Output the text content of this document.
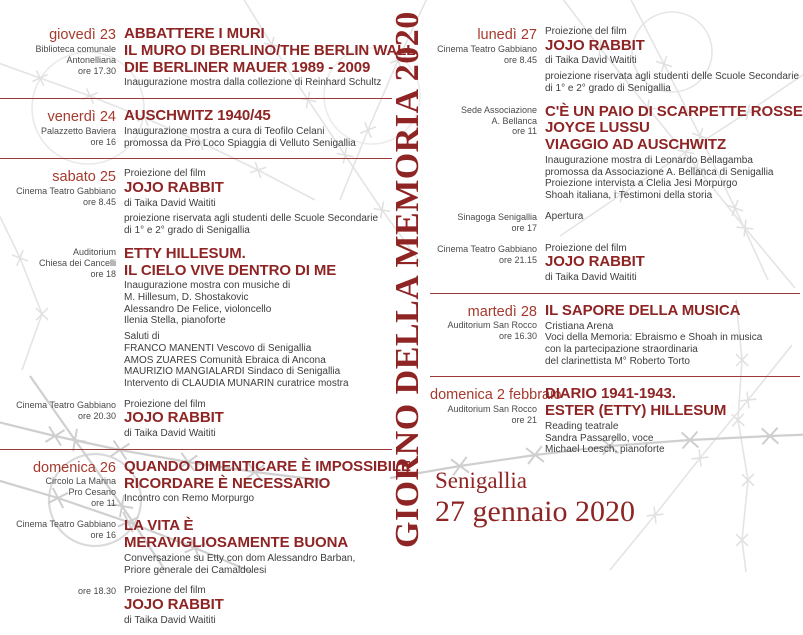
giovedì 23
Biblioteca comunale
Antonelliana
ore 17.30
ABBATTERE I MURI
IL MURO DI BERLINO/THE BERLIN WALL
DIE BERLINER MAUER 1989 - 2009
Inaugurazione mostra dalla collezione di Reinhard Schultz
venerdì 24
Palazzetto Baviera
ore 16
AUSCHWITZ 1940/45
Inaugurazione mostra a cura di Teofilo Celani
promossa da Pro Loco Spiaggia di Velluto Senigallia
sabato 25
Cinema Teatro Gabbiano
ore 8.45
Proiezione del film
JOJO RABBIT
di Taika David Waititi
proiezione riservata agli studenti delle Scuole Secondarie
di 1° e 2° grado di Senigallia
Auditorium
Chiesa dei Cancelli
ore 18
ETTY HILLESUM.
IL CIELO VIVE DENTRO DI ME
Inaugurazione mostra con musiche di
M. Hillesum, D. Shostakovic
Alessandro De Felice, violoncello
Ilenia Stella, pianoforte
Saluti di
FRANCO MANENTI Vescovo di Senigallia
AMOS ZUARES Comunità Ebraica di Ancona
MAURIZIO MANGIALARDI Sindaco di Senigallia
Intervento di CLAUDIA MUNARIN curatrice mostra
Cinema Teatro Gabbiano
ore 20.30
Proiezione del film
JOJO RABBIT
di Taika David Waititi
domenica 26
Circolo La Marina
Pro Cesano
ore 11
QUANDO DIMENTICARE È IMPOSSIBILE
RICORDARE È NECESSARIO
Incontro con Remo Morpurgo
Cinema Teatro Gabbiano
ore 16
LA VITA È
MERAVIGLIOSAMENTE BUONA
Conversazione su Etty con dom Alessandro Barban,
Priore generale dei Camaldolesi
ore 18.30 Proiezione del film
JOJO RABBIT
di Taika David Waititi
GIORNO DELLA MEMORIA 2020	lunedì 27
Cinema Teatro Gabbiano
ore 8.45
Proiezione del film
JOJO RABBIT
di Taika David Waititi
proiezione riservata agli studenti delle Scuole Secondarie
di 1° e 2° grado di Senigallia
Sede Associazione
A. Bellanca
ore 11
C'È UN PAIO DI SCARPETTE ROSSE
JOYCE LUSSU
VIAGGIO AD AUSCHWITZ
Inaugurazione mostra di Leonardo Bellagamba
promossa da Associazione A. Bellanca di Senigallia
Proiezione intervista a Clelia Jesi Morpurgo
Shoah italiana, i Testimoni della storia
Sinagoga Senigallia
ore 17
Apertura
Cinema Teatro Gabbiano
ore 21.15
Proiezione del film
JOJO RABBIT
di Taika David Waititi
martedì 28
Auditorium San Rocco
ore 16.30
IL SAPORE DELLA MUSICA
Cristiana Arena
Voci della Memoria: Ebraismo e Shoah in musica
con la partecipazione straordinaria
del clarinettista M° Roberto Torto
domenica 2 febbraio
Auditorium San Rocco
ore 21
DIARIO 1941-1943.
ESTER (ETTY) HILLESUM
Reading teatrale
Sandra Passarello, voce
Michael Loesch, pianoforte
Senigallia
27 gennaio 2020
